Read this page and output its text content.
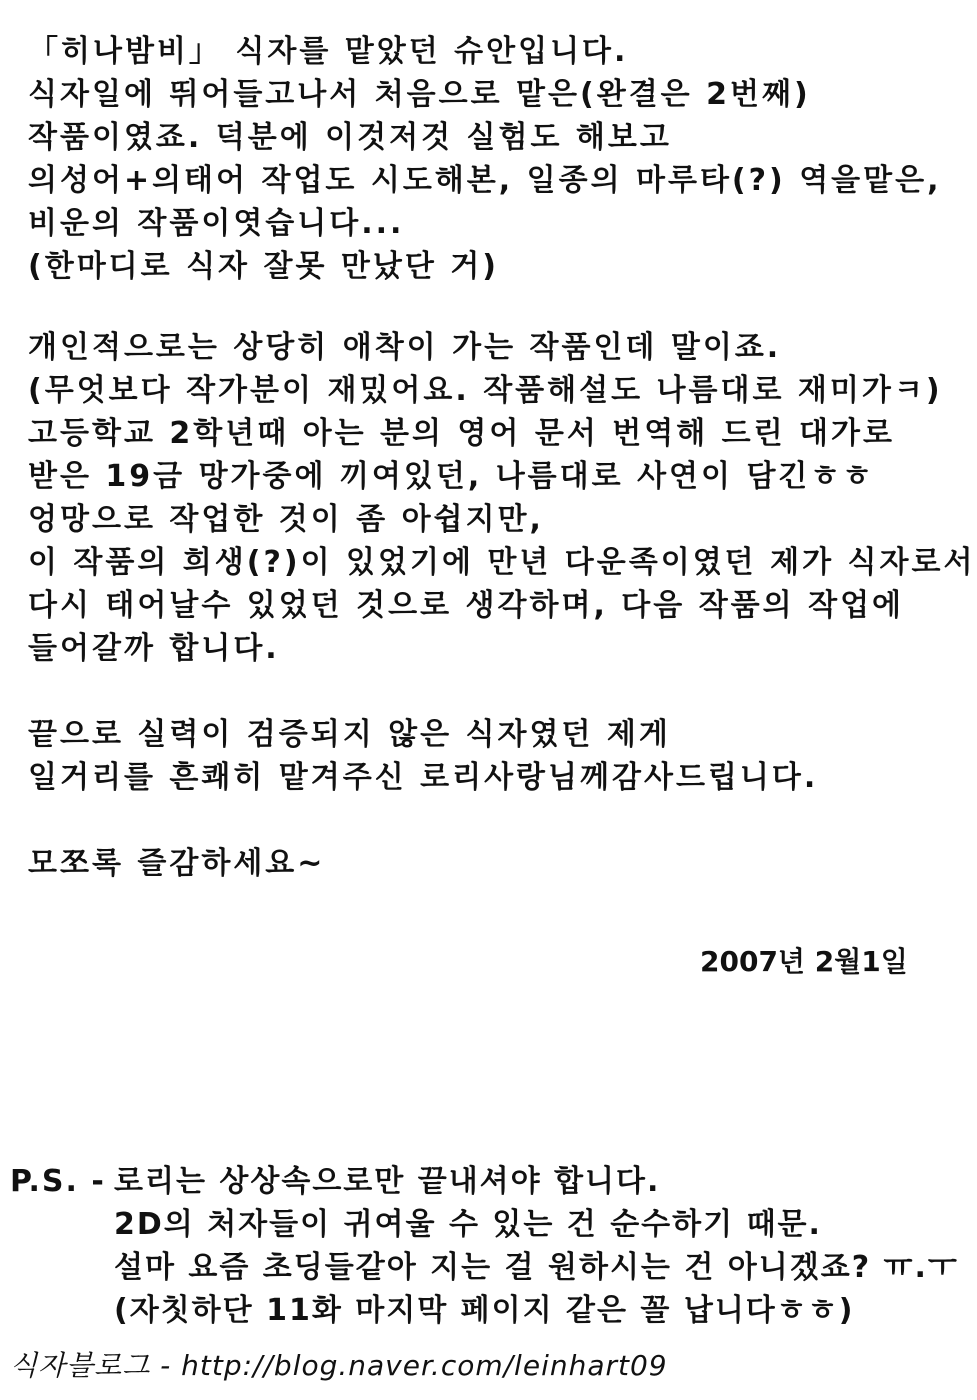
「히나밤비」 식자를 맡았던 슈안입니다.
식자일에 뛰어들고나서 처음으로 맡은(완결은 2번째)
작품이였죠. 덕분에 이것저것 실험도 해보고
의성어+의태어 작업도 시도해본, 일종의 마루타(?) 역을맡은,
비운의 작품이엿습니다...
(한마디로 식자 잘못 만났단 거)
개인적으로는 상당히 애착이 가는 작품인데 말이죠.
(무엇보다 작가분이 재밌어요. 작품해설도 나름대로 재미가ㅋ)
고등학교 2학년때 아는 분의 영어 문서 번역해 드린 대가로
받은 19금 망가중에 끼여있던, 나름대로 사연이 담긴ㅎㅎ
엉망으로 작업한 것이 좀 아쉽지만,
이 작품의 희생(?)이 있었기에 만년 다운족이였던 제가 식자로서
다시 태어날수 있었던 것으로 생각하며, 다음 작품의 작업에
들어갈까 합니다.
끝으로 실력이 검증되지 않은 식자였던 제게
일거리를 흔쾌히 맡겨주신 로리사랑님께감사드립니다.
모쪼록 즐감하세요~
2007년 2월1일
P.S. - 로리는 상상속으로만 끝내셔야 합니다.
2D의 처자들이 귀여울 수 있는 건 순수하기 때문.
설마 요즘 초딩들같아 지는 걸 원하시는 건 아니겠죠? ㅠ.ㅜ
(자칫하단 11화 마지막 페이지 같은 꼴 납니다ㅎㅎ)
식자블로그 - http://blog.naver.com/leinhart09
